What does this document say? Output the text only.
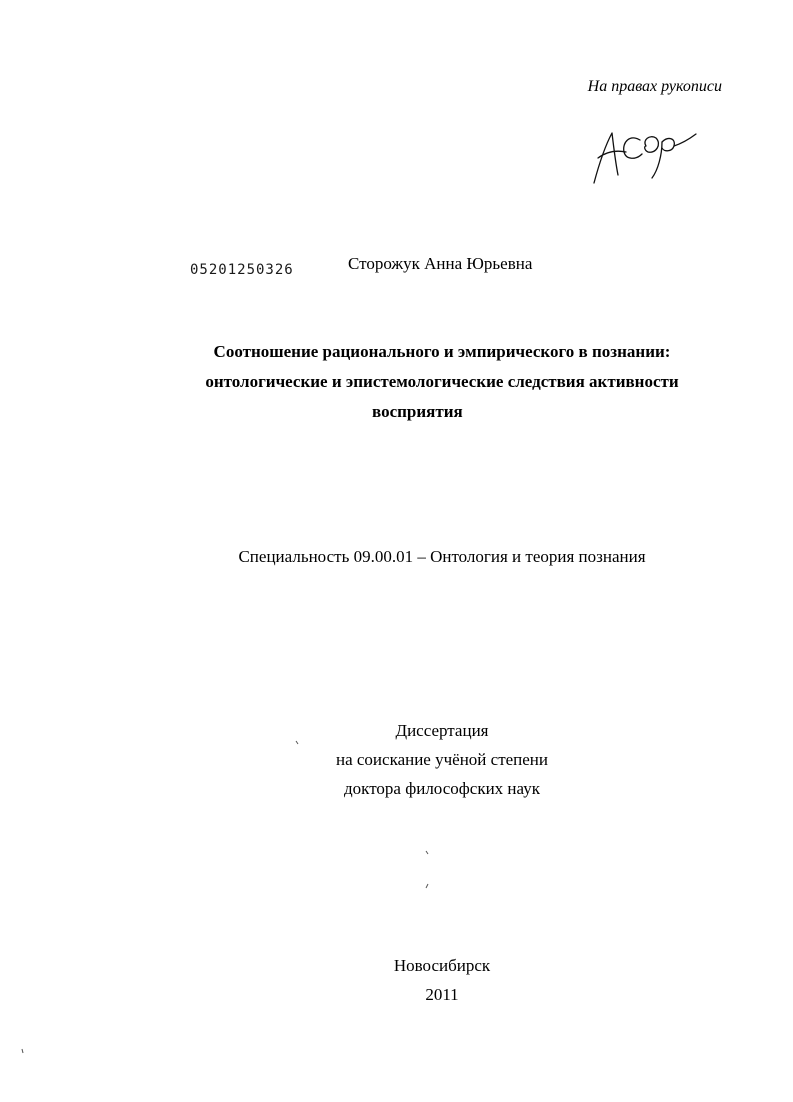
На правах рукописи
05201250326	Сторожук Анна Юрьевна
Соотношение рационального и эмпирического в познании:
онтологические и эпистемологические следствия активности
восприятия
Специальность 09.00.01 – Онтология и теория познания
Диссертация
на соискание учёной степени
доктора философских наук
Новосибирск
2011
